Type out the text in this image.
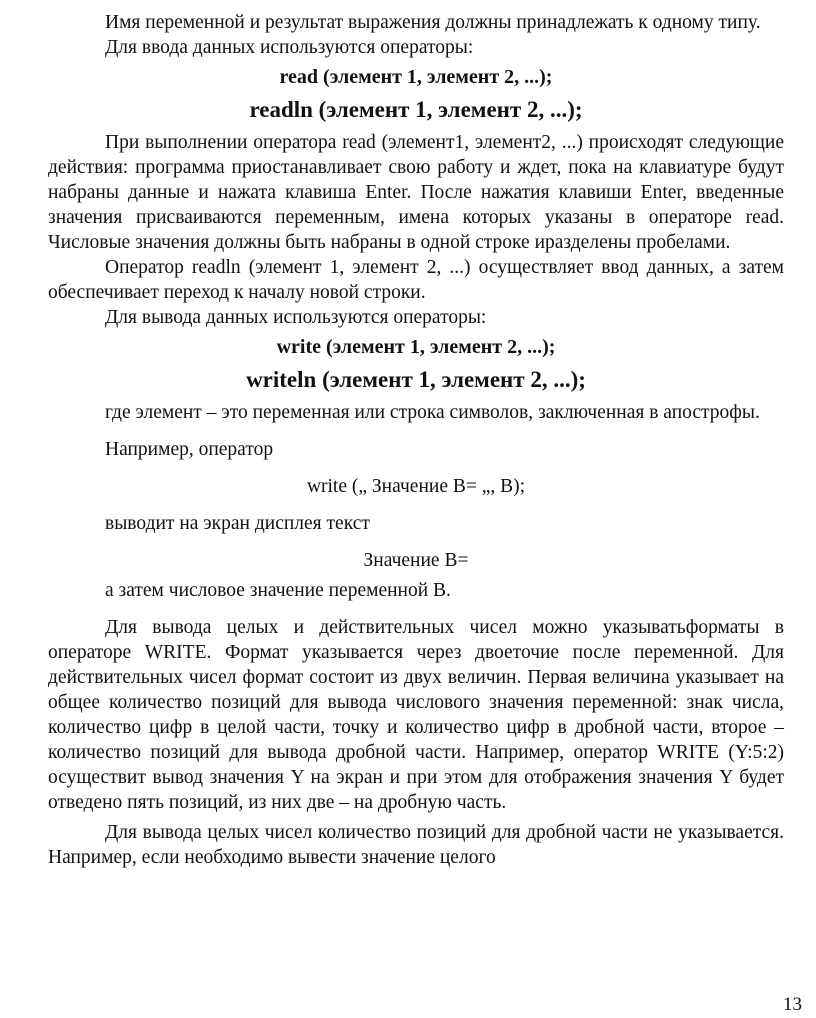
Имя переменной и результат выражения должны принадлежать к одному типу.

Для ввода данных используются операторы:

read (элемент 1, элемент 2, ...);

readln (элемент 1, элемент 2, ...);

При выполнении оператора read (элемент1, элемент2, ...) происходят следующие действия: программа приостанавливает свою работу и ждет, пока на клавиатуре будут набраны данные и нажата клавиша Enter. После нажатия клавиши Enter, введенные значения присваиваются переменным, имена которых указаны в операторе read. Числовые значения должны быть набраны в одной строке иразделены пробелами.

Оператор readln (элемент 1, элемент 2, ...) осуществляет ввод данных, а затем обеспечивает переход к началу новой строки.

Для вывода данных используются операторы:

write (элемент 1, элемент 2, ...);

writeln (элемент 1, элемент 2, ...);

где элемент – это переменная или строка символов, заключенная в апострофы.

Например, оператор

write („ Значение В= „, В);

выводит на экран дисплея текст

Значение В=

а затем числовое значение переменной В.

Для вывода целых и действительных чисел можно указыватьформаты в операторе WRITE. Формат указывается через двоеточие после переменной. Для действительных чисел формат состоит из двух величин. Первая величина указывает на общее количество позиций для вывода числового значения переменной: знак числа, количество цифр в целой части, точку и количество цифр в дробной части, второе – количество позиций для вывода дробной части. Например, оператор WRITE (Y:5:2) осуществит вывод значения Y на экран и при этом для отображения значения Y будет отведено пять позиций, из них две – на дробную часть.

Для вывода целых чисел количество позиций для дробной части не указывается. Например, если необходимо вывести значение целого

13
